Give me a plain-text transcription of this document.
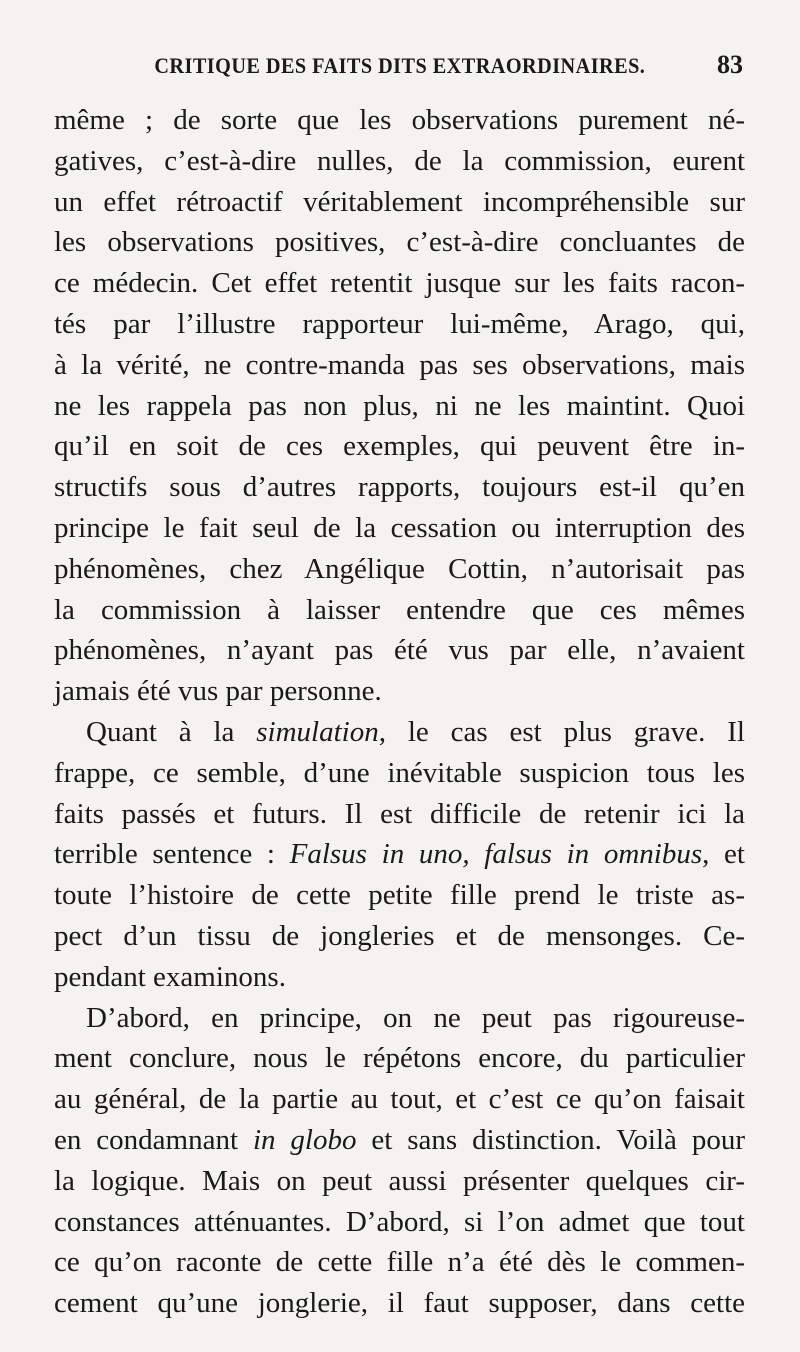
CRITIQUE DES FAITS DITS EXTRAORDINAIRES.	83
même ; de sorte que les observations purement né-
gatives, c’est-à-dire nulles, de la commission, eurent
un effet rétroactif véritablement incompréhensible sur
les observations positives, c’est-à-dire concluantes de
ce médecin. Cet effet retentit jusque sur les faits racon-
tés par l’illustre rapporteur lui-même, Arago, qui,
à la vérité, ne contre-manda pas ses observations, mais
ne les rappela pas non plus, ni ne les maintint. Quoi
qu’il en soit de ces exemples, qui peuvent être in-
structifs sous d’autres rapports, toujours est-il qu’en
principe le fait seul de la cessation ou interruption des
phénomènes, chez Angélique Cottin, n’autorisait pas
la commission à laisser entendre que ces mêmes
phénomènes, n’ayant pas été vus par elle, n’avaient
jamais été vus par personne.
Quant à la simulation, le cas est plus grave. Il
frappe, ce semble, d’une inévitable suspicion tous les
faits passés et futurs. Il est difficile de retenir ici la
terrible sentence : Falsus in uno, falsus in omnibus, et
toute l’histoire de cette petite fille prend le triste as-
pect d’un tissu de jongleries et de mensonges. Ce-
pendant examinons.
D’abord, en principe, on ne peut pas rigoureuse-
ment conclure, nous le répétons encore, du particulier
au général, de la partie au tout, et c’est ce qu’on faisait
en condamnant in globo et sans distinction. Voilà pour
la logique. Mais on peut aussi présenter quelques cir-
constances atténuantes. D’abord, si l’on admet que tout
ce qu’on raconte de cette fille n’a été dès le commen-
cement qu’une jonglerie, il faut supposer, dans cette
